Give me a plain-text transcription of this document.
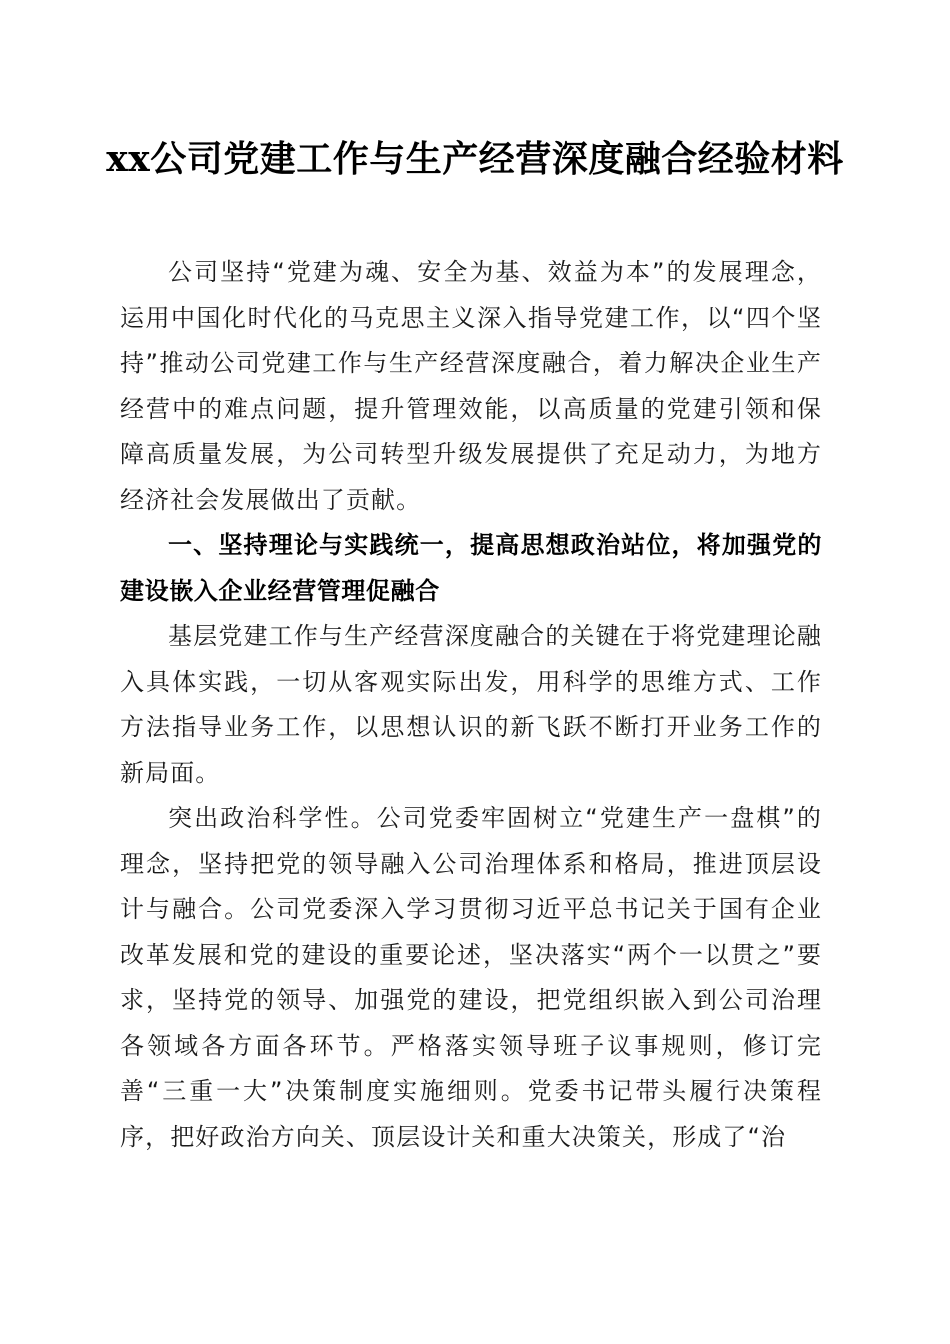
xx公司党建工作与生产经营深度融合经验材料

公司坚持“党建为魂、安全为基、效益为本”的发展理念，运用中国化时代化的马克思主义深入指导党建工作，以“四个坚持”推动公司党建工作与生产经营深度融合，着力解决企业生产经营中的难点问题，提升管理效能，以高质量的党建引领和保障高质量发展，为公司转型升级发展提供了充足动力，为地方经济社会发展做出了贡献。

一、坚持理论与实践统一，提高思想政治站位，将加强党的建设嵌入企业经营管理促融合

基层党建工作与生产经营深度融合的关键在于将党建理论融入具体实践，一切从客观实际出发，用科学的思维方式、工作方法指导业务工作，以思想认识的新飞跃不断打开业务工作的新局面。

突出政治科学性。公司党委牢固树立“党建生产一盘棋”的理念，坚持把党的领导融入公司治理体系和格局，推进顶层设计与融合。公司党委深入学习贯彻习近平总书记关于国有企业改革发展和党的建设的重要论述，坚决落实“两个一以贯之”要求，坚持党的领导、加强党的建设，把党组织嵌入到公司治理各领域各方面各环节。严格落实领导班子议事规则，修订完善“三重一大”决策制度实施细则。党委书记带头履行决策程序，把好政治方向关、顶层设计关和重大决策关，形成了“治
